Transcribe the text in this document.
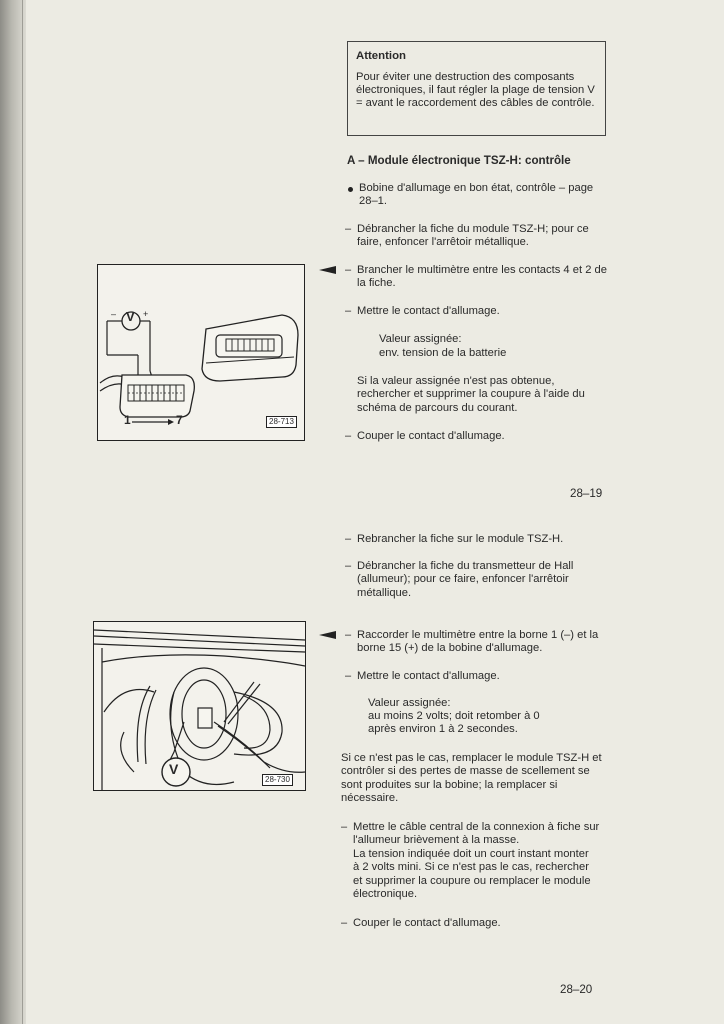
Attention

Pour éviter une destruction des composants électroniques, il faut régler la plage de tension V = avant le raccordement des câbles de contrôle.

A – Module électronique TSZ-H: contrôle

Bobine d'allumage en bon état, contrôle – page 28–1.

– Débrancher la fiche du module TSZ-H; pour ce faire, enfoncer l'arrêtoir métallique.

– Brancher le multimètre entre les contacts 4 et 2 de la fiche.

– Mettre le contact d'allumage.

Valeur assignée:

env. tension de la batterie

Si la valeur assignée n'est pas obtenue, rechercher et supprimer la coupure à l'aide du schéma de parcours du courant.

– Couper le contact d'allumage.

V +
–
1	7	28-713
28–19
– Rebrancher la fiche sur le module TSZ-H.

– Débrancher la fiche du transmetteur de Hall (allumeur); pour ce faire, enfoncer l'arrêtoir métallique.

– Raccorder le multimètre entre la borne 1 (–) et la borne 15 (+) de la bobine d'allumage.

– Mettre le contact d'allumage.

Valeur assignée:

au moins 2 volts; doit retomber à 0 après environ 1 à 2 secondes.

Si ce n'est pas le cas, remplacer le module TSZ-H et contrôler si des pertes de masse de scellement se sont produites sur la bobine; la remplacer si nécessaire.

– Mettre le câble central de la connexion à fiche sur l'allumeur brièvement à la masse.

La tension indiquée doit un court instant monter à 2 volts mini. Si ce n'est pas le cas, rechercher et supprimer la coupure ou remplacer le module électronique.

– Couper le contact d'allumage.

V
28-730
28–20
